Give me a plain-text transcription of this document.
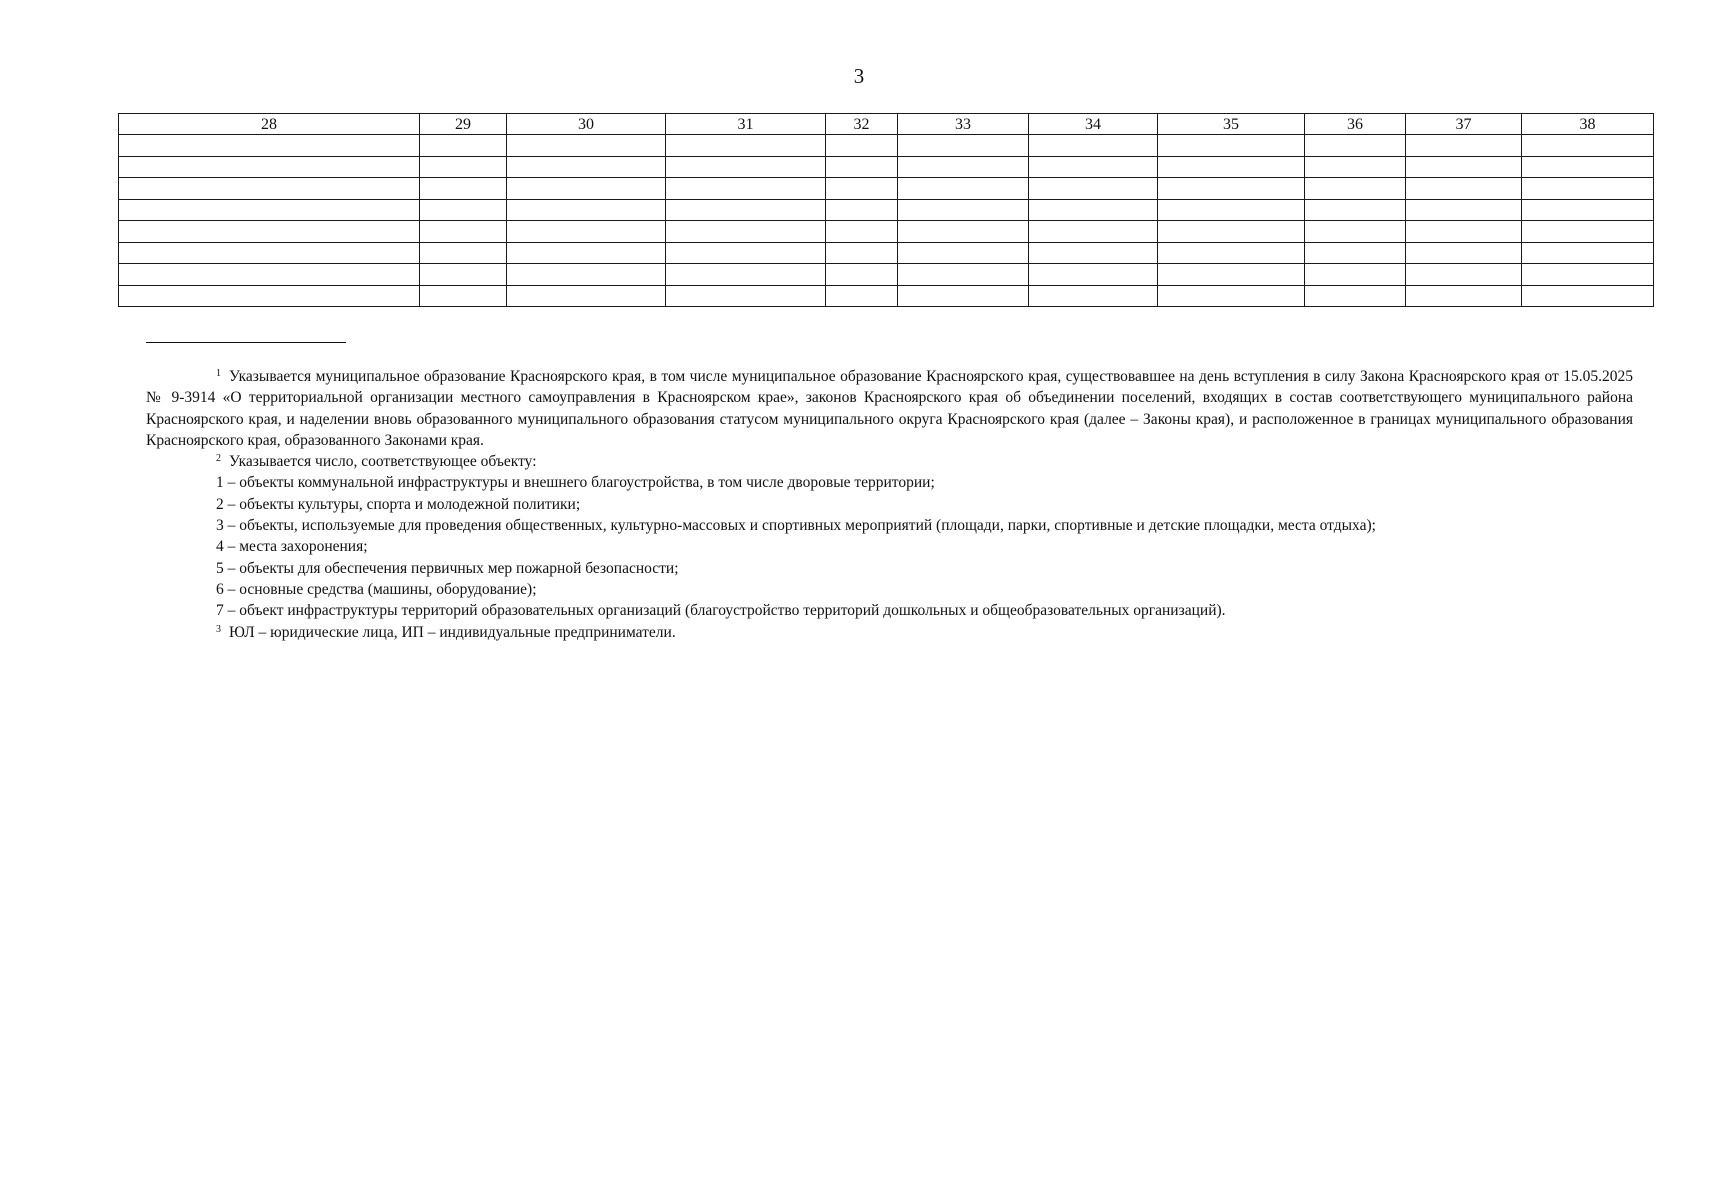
3
28	29	30	31	32	33	34	35	36	37	38

$^1$ Указывается муниципальное образование Красноярского края, в том числе муниципальное образование Красноярского края, существовавшее на день вступления в силу Закона Красноярского края от 15.05.2025 № 9-3914 «О территориальной организации местного самоуправления в Красноярском крае», законов Красноярского края об объединении поселений, входящих в состав соответствующего муниципального района Красноярского края, и наделении вновь образованного муниципального образования статусом муниципального округа Красноярского края (далее – Законы края), и расположенное в границах муниципального образования Красноярского края, образованного Законами края.
$^2$ Указывается число, соответствующее объекту:
1 – объекты коммунальной инфраструктуры и внешнего благоустройства, в том числе дворовые территории;
2 – объекты культуры, спорта и молодежной политики;
3 – объекты, используемые для проведения общественных, культурно-массовых и спортивных мероприятий (площади, парки, спортивные и детские площадки, места отдыха);
4 – места захоронения;
5 – объекты для обеспечения первичных мер пожарной безопасности;
6 – основные средства (машины, оборудование);
7 – объект инфраструктуры территорий образовательных организаций (благоустройство территорий дошкольных и общеобразовательных организаций).
$^3$ ЮЛ – юридические лица, ИП – индивидуальные предприниматели.
